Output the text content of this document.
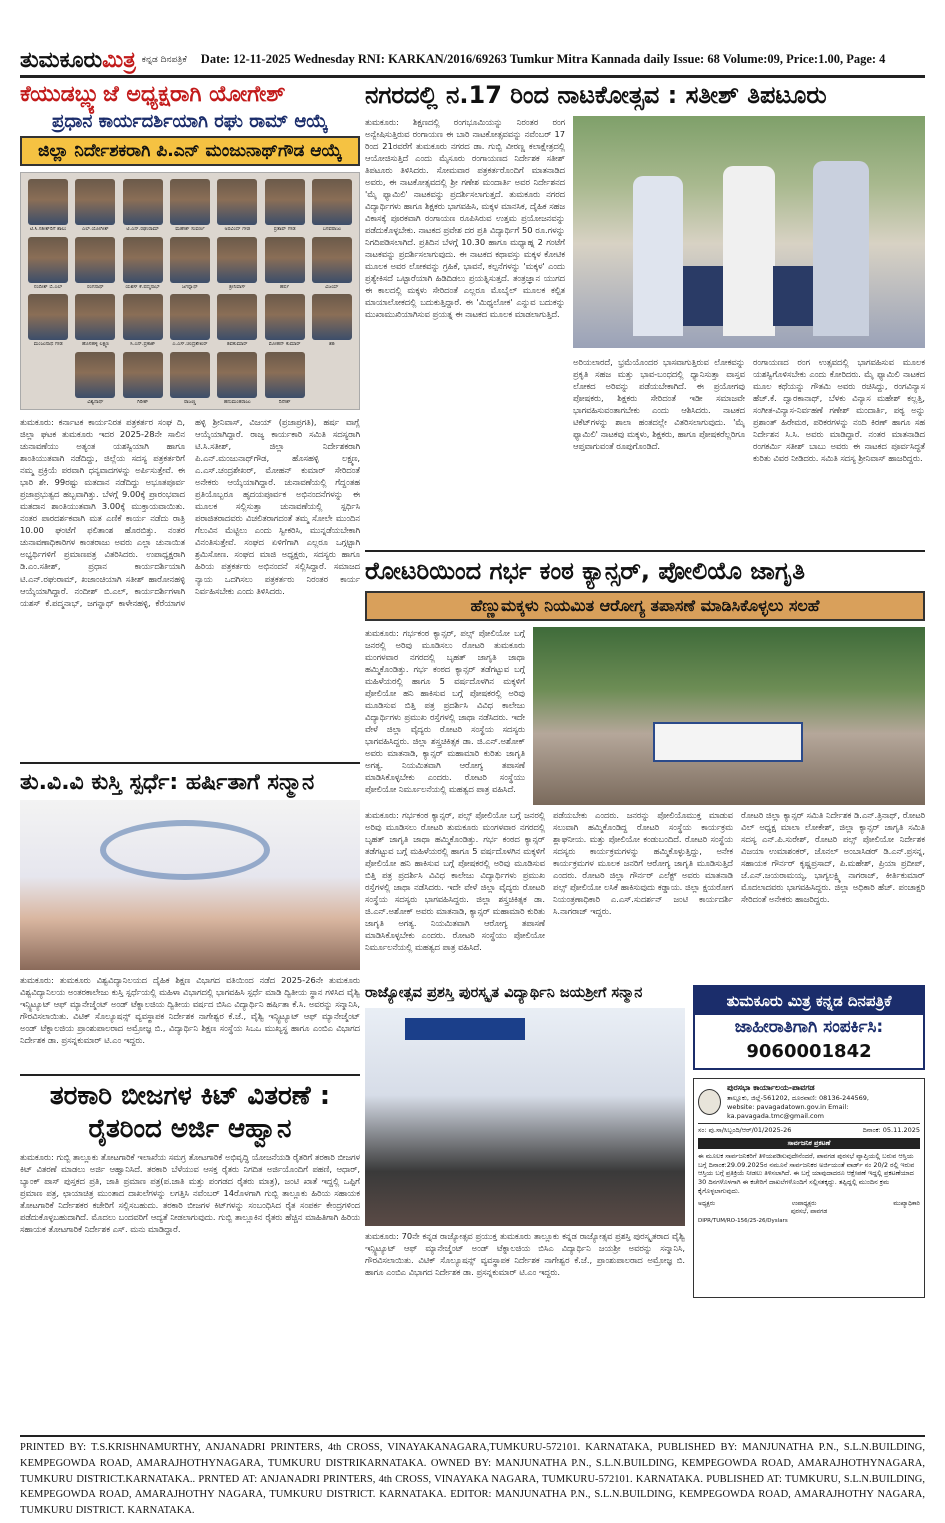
ತುಮಕೂರುಮಿತ್ರ ಕನ್ನಡ ದಿನಪತ್ರಿಕೆ Date: 12-11-2025 Wednesday RNI: KARKAN/2016/69263 Tumkur Mitra Kannada daily Issue: 68 Volume:09, Price:1.00, Page: 4
ಕೆಯುಡಬ್ಲ್ಯುಜೆ ಅಧ್ಯಕ್ಷರಾಗಿ ಯೋಗೇಶ್
ಪ್ರಧಾನ ಕಾರ್ಯದರ್ಶಿಯಾಗಿ ರಘು ರಾಮ್ ಆಯ್ಕೆ
ಜಿಲ್ಲಾ ನಿರ್ದೇಶಕರಾಗಿ ಪಿ.ಎನ್ ಮಂಜುನಾಥ್‌ಗೌಡ ಆಯ್ಕೆ
ಟಿ.ಸಿ.ಸತೀಶ್‌ರಿಗೆ ಶಾಲು	ಎಲ್.ಯೋಗೀಶ್	ಟಿ.ಎನ್.ರಘುರಾಮ್	ಮಹೇಶ್ ಸುವರ್ಣ	ಅರವಿಂದ್ ಗೌಡ	ಪ್ರತಾಪ್ ಗೌಡ	ಬಸವರಾಜು
ನಂದೀಶ್ ಬಿ.ಎಲ್	ರಂಗನಾಥ್	ಯಶಸ್ ಕೆ.ಪದ್ಮನಾಭ್	ಜಗನ್ನಾಥ್	ಶ್ರೀನಿವಾಸ್	ಹರ್ಷ	ವಿಜಯ್
ಮಂಜುನಾಥ ಗೌಡ	ಹೊಸಹಳ್ಳಿ ಲಕ್ಷ್ಮಣ	ಸಿ.ಎನ್.ಪ್ರಕಾಶ್	ಎ.ಎಸ್.ಚಂದ್ರಶೇಖರ್	ಶಿವಕುಮಾರ್	ಮೋಹನ್ ಕುಮಾರ್	ಶಶಿ
ವಿಶ್ವನಾಥ್	ಗಿರೀಶ್	ರಾಜಣ್ಣ	ಹನುಮಂತರಾಜು	ದಿನೇಶ್
ತುಮಕೂರು: ಕರ್ನಾಟಕ ಕಾರ್ಯನಿರತ ಪತ್ರಕರ್ತರ ಸಂಘ ದಿ, ಜಿಲ್ಲಾ ಘಟಕ ತುಮಕೂರು ಇದರ 2025-28ನೇ ಸಾಲಿನ ಚುನಾವಣೆಯು ಅತ್ಯಂತ ಯಶಸ್ವಿಯಾಗಿ ಹಾಗೂ ಶಾಂತಿಯುತವಾಗಿ ನಡೆದಿದ್ದು, ಜಿಲ್ಲೆಯ ಸದಸ್ಯ ಪತ್ರಕರ್ತರಿಗೆ ನಮ್ಮ ಪ್ರಕ್ರಿಯೆ ಪರವಾಗಿ ಧನ್ಯವಾದಗಳನ್ನು ಅರ್ಪಿಸುತ್ತೇವೆ. ಈ ಭಾರಿ ಶೇ. 99ರಷ್ಟು ಮತದಾನ ನಡೆದಿದ್ದು ಅಭೂತಪೂರ್ವ ಪ್ರಜಾಪ್ರಭುತ್ವದ ಹಬ್ಬವಾಗಿತ್ತು. ಬೆಳಗ್ಗೆ 9.00ಕ್ಕೆ ಪ್ರಾರಂಭವಾದ ಮತದಾನ ಶಾಂತಿಯುತವಾಗಿ 3.00ಕ್ಕೆ ಮುಕ್ತಾಯವಾಯಿತು. ನಂತರ ಪಾರದರ್ಶಕವಾಗಿ ಮತ ಎಣಿಕೆ ಕಾರ್ಯ ನಡೆದು ರಾತ್ರಿ 10.00 ಘಂಟೆಗೆ ಫಲಿತಾಂಶ ಹೊರಬಿತ್ತು. ನಂತರ ಚುನಾವಣಾಧಿಕಾರಿಗಳ ಕಾಂತರಾಜು ಅವರು ಎಲ್ಲಾ ಚುನಾಯಿತ ಅಭ್ಯರ್ಥಿಗಳಿಗೆ ಪ್ರಮಾಣಪತ್ರ ವಿತರಿಸಿದರು. ಉಪಾಧ್ಯಕ್ಷರಾಗಿ ಡಿ.ಎಂ.ಸತೀಶ್, ಪ್ರಧಾನ ಕಾರ್ಯದರ್ಶಿಯಾಗಿ ಟಿ.ಎನ್.ರಘುರಾಮ್, ಖಜಾಂಚಿಯಾಗಿ ಸತೀಶ್ ಹಾರೋನಹಳ್ಳಿ ಆಯ್ಕೆಯಾಗಿದ್ದಾರೆ. ನಂದೀಶ್ ಬಿ.ಎಲ್, ಕಾರ್ಯದರ್ಶಿಗಳಾಗಿ ಯಶಸ್ ಕೆ.ಪದ್ಮನಾಭ್, ಜಗನ್ನಾಥ್ ಕಾಳೇನಹಳ್ಳಿ, ಕೆರೆಯಾಗಳ ಹಳ್ಳಿ ಶ್ರೀನಿವಾಸ್, ವಿಜಯ್ (ಪ್ರಜಾಪ್ರಗತಿ), ಹರ್ಷ ವಾಗ್ಲೆ ಆಯ್ಕೆಯಾಗಿದ್ದಾರೆ. ರಾಜ್ಯ ಕಾರ್ಯಕಾರಿ ಸಮಿತಿ ಸದಸ್ಯರಾಗಿ ಟಿ.ಸಿ.ಸತೀಶ್, ಜಿಲ್ಲಾ ನಿರ್ದೇಶಕರಾಗಿ ಪಿ.ಎನ್.ಮಂಜುನಾಥ್‌ಗೌಡ, ಹೊಸಹಳ್ಳಿ ಲಕ್ಷ್ಮಣ, ಎ.ಎಸ್.ಚಂದ್ರಶೇಖರ್, ಮೋಹನ್ ಕುಮಾರ್ ಸೇರಿದಂತೆ ಅನೇಕರು ಆಯ್ಕೆಯಾಗಿದ್ದಾರೆ. ಚುನಾವಣೆಯಲ್ಲಿ ಗೆದ್ದಂತಹ ಪ್ರತಿಯೊಬ್ಬರೂ ಹೃದಯಪೂರ್ವಕ ಅಭಿನಂದನೆಗಳನ್ನು ಈ ಮೂಲಕ ಸಲ್ಲಿಸುತ್ತಾ ಚುನಾವಣೆಯಲ್ಲಿ ಸ್ಪರ್ಧಿಸಿ ಪರಾಜಿತರಾದವರು ವಿಚಲಿತರಾಗದಂತೆ ತಮ್ಮ ಸೋಲೇ ಮುಂದಿನ ಗೆಲುವಿನ ಮೆಟ್ಟಿಲು ಎಂದು ಸ್ವೀಕರಿಸಿ, ಮುನ್ನಡೆಯಬೇಕಾಗಿ ವಿನಂತಿಸುತ್ತೇವೆ. ಸಂಘದ ಏಳಿಗೆಗಾಗಿ ಎಲ್ಲರೂ ಒಗ್ಗಟ್ಟಾಗಿ ಶ್ರಮಿಸೋಣ. ಸಂಘದ ಮಾಜಿ ಅಧ್ಯಕ್ಷರು, ಸದಸ್ಯರು ಹಾಗೂ ಹಿರಿಯ ಪತ್ರಕರ್ತರು ಅಭಿನಂದನೆ ಸಲ್ಲಿಸಿದ್ದಾರೆ. ಸಮಾಜದ ನ್ಯಾಯ ಒದಗಿಸಲು ಪತ್ರಕರ್ತರು ನಿರಂತರ ಕಾರ್ಯ ನಿರ್ವಹಿಸಬೇಕು ಎಂದು ತಿಳಿಸಿದರು.
ತು.ವಿ.ವಿ ಕುಸ್ತಿ ಸ್ಪರ್ಧೆ: ಹರ್ಷಿತಾಗೆ ಸನ್ಮಾನ
ತುಮಕೂರು: ತುಮಕೂರು ವಿಶ್ವವಿದ್ಯಾನಿಲಯದ ದೈಹಿಕ ಶಿಕ್ಷಣ ವಿಭಾಗದ ವತಿಯಿಂದ ನಡೆದ 2025-26ನೇ ತುಮಕೂರು ವಿಶ್ವವಿದ್ಯಾನಿಲಯ ಅಂತರಕಾಲೇಜು ಕುಸ್ತಿ ಸ್ಪರ್ಧೆಯಲ್ಲಿ ಮಹಿಳಾ ವಿಭಾಗದಲ್ಲಿ ಭಾಗವಹಿಸಿ ಸ್ಪರ್ಧೆ ಮಾಡಿ ದ್ವಿತೀಯ ಸ್ಥಾನ ಗಳಿಸಿದ ವೈಶ್ವಿ ಇನ್ಸ್ಟಿಟ್ಯೂಟ್ ಆಫ್ ಮ್ಯಾನೇಜ್ಮೆಂಟ್ ಅಂಡ್ ಟೆಕ್ನಾಲಜಿಯ ದ್ವಿತೀಯ ವರ್ಷದ ಬಿಸಿಎ ವಿದ್ಯಾರ್ಥಿನಿ ಹರ್ಷಿತಾ ಕೆ.ಸಿ. ಅವರನ್ನು ಸನ್ಮಾನಿಸಿ, ಗೌರವಿಸಲಾಯಿತು. ವಿಟಿಕ್ ಸೊಲ್ಯೂಷನ್ಸ್ ವ್ಯವಸ್ಥಾಪಕ ನಿರ್ದೇಶಕ ನಾಗೇಶ್ವರ ಕೆ.ಜೆ., ವೈಶ್ವಿ ಇನ್ಸ್ಟಿಟ್ಯೂಟ್ ಆಫ್ ಮ್ಯಾನೇಜ್ಮೆಂಟ್ ಅಂಡ್ ಟೆಕ್ನಾಲಜಿಯ ಪ್ರಾಂಶುಪಾಲರಾದ ಅಮ್ರೋಜ್ಞ ಬಿ., ವಿದ್ಯಾರ್ಥಿನಿ ಶಿಕ್ಷಣ ಸಂಸ್ಥೆಯ ಸಿಒಒ ಮುಖ್ಯಸ್ಥ ಹಾಗೂ ಎಂಬಿಎ ವಿಭಾಗದ ನಿರ್ದೇಶಕ ಡಾ. ಪ್ರಸನ್ನಕುಮಾರ್ ಟಿ.ಎಂ ಇದ್ದರು.
ತರಕಾರಿ ಬೀಜಗಳ ಕಿಟ್ ವಿತರಣೆ :
ರೈತರಿಂದ ಅರ್ಜಿ ಆಹ್ವಾನ
ತುಮಕೂರು: ಗುಬ್ಬಿ ತಾಲ್ಲೂಕು ತೋಟಗಾರಿಕೆ ಇಲಾಖೆಯ ಸಮಗ್ರ ತೋಟಗಾರಿಕೆ ಅಭಿವೃದ್ಧಿ ಯೋಜನೆಯಡಿ ರೈತರಿಗೆ ತರಕಾರಿ ಬೀಜಗಳ ಕಿಟ್ ವಿತರಣೆ ಮಾಡಲು ಅರ್ಜಿ ಆಹ್ವಾನಿಸಿದೆ. ತರಕಾರಿ ಬೆಳೆಯುವ ಆಸಕ್ತ ರೈತರು ನಿಗದಿತ ಅರ್ಜಿಯೊಂದಿಗೆ ಪಹಣಿ, ಆಧಾರ್, ಬ್ಯಾಂಕ್ ಪಾಸ್ ಪುಸ್ತಕದ ಪ್ರತಿ, ಜಾತಿ ಪ್ರಮಾಣ ಪತ್ರ(ಪ.ಜಾತಿ ಮತ್ತು ಪಂಗಡದ ರೈತರು ಮಾತ್ರ), ಜಂಟಿ ಖಾತೆ ಇದ್ದಲ್ಲಿ ಒಪ್ಪಿಗೆ ಪ್ರಮಾಣ ಪತ್ರ, ಛಾಯಾಚಿತ್ರ ಮುಂತಾದ ದಾಖಲೆಗಳನ್ನು ಲಗತ್ತಿಸಿ ನವೆಂಬರ್ 14ರೊಳಗಾಗಿ ಗುಬ್ಬಿ ತಾಲ್ಲೂಕು ಹಿರಿಯ ಸಹಾಯಕ ತೋಟಗಾರಿಕೆ ನಿರ್ದೇಶಕರ ಕಚೇರಿಗೆ ಸಲ್ಲಿಸಬಹುದು. ತರಕಾರಿ ಬೀಜಗಳ ಕಿಟ್‌ಗಳನ್ನು ಸಂಬಂಧಿಸಿದ ರೈತ ಸಂಪರ್ಕ ಕೇಂದ್ರಗಳಿಂದ ಪಡೆದುಕೊಳ್ಳಬಹುದಾಗಿದೆ. ಮೊದಲು ಬಂದವರಿಗೆ ಆದ್ಯತೆ ನೀಡಲಾಗುವುದು. ಗುಬ್ಬಿ ತಾಲ್ಲೂಕಿನ ರೈತರು ಹೆಚ್ಚಿನ ಮಾಹಿತಿಗಾಗಿ ಹಿರಿಯ ಸಹಾಯಕ ತೋಟಗಾರಿಕೆ ನಿರ್ದೇಶಕ ಎಸ್. ಮನು ಮಾಡಿದ್ದಾರೆ.
ನಗರದಲ್ಲಿ ನ.17 ರಿಂದ ನಾಟಕೋತ್ಸವ : ಸತೀಶ್ ತಿಪಟೂರು
ತುಮಕೂರು: ಶಿಕ್ಷಣದಲ್ಲಿ ರಂಗಭೂಮಿಯನ್ನು ನಿರಂತರ ರಂಗ ಅನ್ವೇಷಿಸುತ್ತಿರುವ ರಂಗಾಯಣ ಈ ಬಾರಿ ನಾಟಕೋತ್ಸವವನ್ನು ನವೆಂಬರ್ 17 ರಿಂದ 21ರವರೆಗೆ ತುಮಕೂರು ನಗರದ ಡಾ. ಗುಬ್ಬಿ ವೀರಣ್ಣ ಕಲಾಕ್ಷೇತ್ರದಲ್ಲಿ ಆಯೋಜಿಸುತ್ತಿದೆ ಎಂದು ಮೈಸೂರು ರಂಗಾಯಣದ ನಿರ್ದೇಶಕ ಸತೀಶ್ ತಿಪಟೂರು ತಿಳಿಸಿದರು. ಸೋಮವಾರ ಪತ್ರಕರ್ತರೊಂದಿಗೆ ಮಾತನಾಡಿದ ಅವರು, ಈ ನಾಟಕೋತ್ಸವದಲ್ಲಿ ಶ್ರೀ ಗಣೇಶ ಮಂದಾರ್ತಿ ಅವರ ನಿರ್ದೇಶನದ 'ಮೈ ಫ್ಯಾಮಿಲಿ' ನಾಟಕವನ್ನು ಪ್ರದರ್ಶಿಸಲಾಗುತ್ತದೆ. ತುಮಕೂರು ನಗರದ ವಿದ್ಯಾರ್ಥಿಗಳು ಹಾಗೂ ಶಿಕ್ಷಕರು ಭಾಗವಹಿಸಿ, ಮಕ್ಕಳ ಮಾನಸಿಕ, ದೈಹಿಕ ಸಹಜ ವಿಕಾಸಕ್ಕೆ ಪೂರಕವಾಗಿ ರಂಗಾಯಣ ರೂಪಿಸಿರುವ ಉತ್ತಮ ಪ್ರಯೋಜನವನ್ನು ಪಡೆದುಕೊಳ್ಳಬೇಕು. ನಾಟಕದ ಪ್ರವೇಶ ದರ ಪ್ರತಿ ವಿದ್ಯಾರ್ಥಿಗೆ 50 ರೂ.ಗಳನ್ನು ನಿಗದಿಪಡಿಸಲಾಗಿದೆ. ಪ್ರತಿದಿನ ಬೆಳಗ್ಗೆ 10.30 ಹಾಗೂ ಮಧ್ಯಾಹ್ನ 2 ಗಂಟೆಗೆ ನಾಟಕವನ್ನು ಪ್ರದರ್ಶಿಸಲಾಗುವುದು. ಈ ನಾಟಕದ ಕಥಾವಸ್ತು ಮಕ್ಕಳ ಕೋಟಿಕ ಮೂಲಕ ಅವರ ಲೋಕವನ್ನು ಗ್ರಹಿಕೆ, ಭಾವನೆ, ಕಲ್ಪನೆಗಳನ್ನು 'ಮಕ್ಕಳ' ಎಂದು ಪ್ರತ್ಯೇಕಿಸದೆ ಒಟ್ಟಾರೆಯಾಗಿ ಹಿಡಿದಿಡಲು ಪ್ರಯತ್ನಿಸುತ್ತದೆ. ತಂತ್ರಜ್ಞಾನ ಯುಗದ ಈ ಕಾಲದಲ್ಲಿ ಮಕ್ಕಳು ಸೇರಿದಂತೆ ಎಲ್ಲರೂ ಮೊಬೈಲ್ ಮೂಲಕ ಕಲ್ಪಿತ ಮಾಯಾಲೋಕದಲ್ಲಿ ಬದುಕುತ್ತಿದ್ದಾರೆ. ಈ 'ಮಿಥ್ಯಲೋಕ' ಎನ್ನುವ ಬದುಕನ್ನು ಮುಖಾಮುಖಿಯಾಗಿಸುವ ಪ್ರಯತ್ನ ಈ ನಾಟಕದ ಮೂಲಕ ಮಾಡಲಾಗುತ್ತಿದೆ.
ಅರಿಯಲಾರದೆ, ಭ್ರಮೆಯೊಂದರ ಭಾಸವಾಗುತ್ತಿರುವ ಲೋಕವನ್ನು ಪ್ರಕೃತಿ ಸಹಜ ಮತ್ತು ಭಾವ-ಬಂಧದಲ್ಲಿ ಧ್ಯಾನಿಸುತ್ತಾ ವಾಸ್ತವ ಲೋಕದ ಅರಿವನ್ನು ಪಡೆಯಬೇಕಾಗಿದೆ. ಈ ಪ್ರಯೋಗವು ಪೋಷಕರು, ಶಿಕ್ಷಕರು ಸೇರಿದಂತೆ ಇಡೀ ಸಮಾಜವೇ ಭಾಗವಹಿಸುವಂತಾಗಬೇಕು ಎಂದು ಆಶಿಸಿದರು. ನಾಟಕದ ಟಿಕೆಟ್‌ಗಳನ್ನು ಶಾಲಾ ಹಂತದಲ್ಲೇ ವಿತರಿಸಲಾಗುವುದು. 'ಮೈ ಫ್ಯಾಮಿಲಿ' ನಾಟಕವು ಮಕ್ಕಳು, ಶಿಕ್ಷಕರು, ಹಾಗೂ ಪೋಷಕರೆಲ್ಲರಿಗೂ ಆಪ್ತವಾಗುವಂತೆ ರೂಪುಗೊಂಡಿದೆ.
ರಂಗಾಯಣದ ರಂಗ ಉತ್ಸವದಲ್ಲಿ ಭಾಗವಹಿಸುವ ಮೂಲಕ ಯಶಸ್ವಿಗೊಳಿಸಬೇಕು ಎಂದು ಕೋರಿದರು. ಮೈ ಫ್ಯಾಮಿಲಿ ನಾಟಕದ ಮೂಲ ಕಥೆಯನ್ನು ಗೌತಮಿ ಅವರು ರಚಿಸಿದ್ದು, ರಂಗವಿನ್ಯಾಸ ಹೆಚ್.ಕೆ. ದ್ವಾರಕಾನಾಥ್, ಬೆಳಕು ವಿನ್ಯಾಸ ಮಹೇಶ್ ಕಲ್ಲತ್ತಿ, ಸಂಗೀತ-ವಿನ್ಯಾಸ-ನಿರ್ವಹಣೆ ಗಣೇಶ್ ಮಂದಾರ್ತಿ, ಪಠ್ಯ ಅನ್ನು ಪ್ರಶಾಂತ್ ಹಿರೇಮಠ, ಪರಿಕರಗಳನ್ನು ನಂದಿ ಕಿರಣ್ ಹಾಗೂ ಸಹ ನಿರ್ದೇಶನ ಸಿ.ಸಿ. ಅವರು ಮಾಡಿದ್ದಾರೆ. ನಂತರ ಮಾತನಾಡಿದ ರಂಗಕರ್ಮಿ ಸತೀಶ್ ಬಾಬು ಅವರು ಈ ನಾಟಕದ ಪೂರ್ವಸಿದ್ಧತೆ ಕುರಿತು ವಿವರ ನೀಡಿದರು. ಸಮಿತಿ ಸದಸ್ಯ ಶ್ರೀನಿವಾಸ್ ಹಾಜರಿದ್ದರು.
ರೋಟರಿಯಿಂದ ಗರ್ಭ ಕಂಠ ಕ್ಯಾನ್ಸರ್, ಪೋಲಿಯೊ ಜಾಗೃತಿ
ಹೆಣ್ಣುಮಕ್ಕಳು ನಿಯಮಿತ ಆರೋಗ್ಯ ತಪಾಸಣೆ ಮಾಡಿಸಿಕೊಳ್ಳಲು ಸಲಹೆ
ತುಮಕೂರು: ಗರ್ಭಕಂಠ ಕ್ಯಾನ್ಸರ್, ಪಲ್ಸ್ ಪೋಲಿಯೋ ಬಗ್ಗೆ ಜನರಲ್ಲಿ ಅರಿವು ಮೂಡಿಸಲು ರೋಟರಿ ತುಮಕೂರು ಮಂಗಳವಾರ ನಗರದಲ್ಲಿ ಬೃಹತ್ ಜಾಗೃತಿ ಜಾಥಾ ಹಮ್ಮಿಕೊಂಡಿತ್ತು. ಗರ್ಭ ಕಂಠದ ಕ್ಯಾನ್ಸರ್ ತಡೆಗಟ್ಟುವ ಬಗ್ಗೆ ಮಹಿಳೆಯರಲ್ಲಿ ಹಾಗೂ 5 ವರ್ಷದೊಳಗಿನ ಮಕ್ಕಳಿಗೆ ಪೋಲಿಯೋ ಹನಿ ಹಾಕಿಸುವ ಬಗ್ಗೆ ಪೋಷಕರಲ್ಲಿ ಅರಿವು ಮೂಡಿಸುವ ಬಿತ್ತಿ ಪತ್ರ ಪ್ರದರ್ಶಿಸಿ ವಿವಿಧ ಕಾಲೇಜು ವಿದ್ಯಾರ್ಥಿಗಳು ಪ್ರಮುಖ ರಸ್ತೆಗಳಲ್ಲಿ ಜಾಥಾ ನಡೆಸಿದರು. ಇದೇ ವೇಳೆ ಜಿಲ್ಲಾ ವೈದ್ಯರು ರೋಟರಿ ಸಂಸ್ಥೆಯ ಸದಸ್ಯರು ಭಾಗವಹಿಸಿದ್ದರು. ಜಿಲ್ಲಾ ಶಸ್ತ್ರಚಿಕಿತ್ಸಕ ಡಾ. ಜಿ.ಎನ್.ಅಶೋಕ್ ಅವರು ಮಾತನಾಡಿ, ಕ್ಯಾನ್ಸರ್ ಮಹಾಮಾರಿ ಕುರಿತು ಜಾಗೃತಿ ಅಗತ್ಯ. ನಿಯಮಿತವಾಗಿ ಆರೋಗ್ಯ ತಪಾಸಣೆ ಮಾಡಿಸಿಕೊಳ್ಳಬೇಕು ಎಂದರು. ರೋಟರಿ ಸಂಸ್ಥೆಯು ಪೋಲಿಯೋ ನಿರ್ಮೂಲನೆಯಲ್ಲಿ ಮಹತ್ವದ ಪಾತ್ರ ವಹಿಸಿದೆ.
ತುಮಕೂರು: ಗರ್ಭಕಂಠ ಕ್ಯಾನ್ಸರ್, ಪಲ್ಸ್ ಪೋಲಿಯೋ ಬಗ್ಗೆ ಜನರಲ್ಲಿ ಅರಿವು ಮೂಡಿಸಲು ರೋಟರಿ ತುಮಕೂರು ಮಂಗಳವಾರ ನಗರದಲ್ಲಿ ಬೃಹತ್ ಜಾಗೃತಿ ಜಾಥಾ ಹಮ್ಮಿಕೊಂಡಿತ್ತು. ಗರ್ಭ ಕಂಠದ ಕ್ಯಾನ್ಸರ್ ತಡೆಗಟ್ಟುವ ಬಗ್ಗೆ ಮಹಿಳೆಯರಲ್ಲಿ ಹಾಗೂ 5 ವರ್ಷದೊಳಗಿನ ಮಕ್ಕಳಿಗೆ ಪೋಲಿಯೋ ಹನಿ ಹಾಕಿಸುವ ಬಗ್ಗೆ ಪೋಷಕರಲ್ಲಿ ಅರಿವು ಮೂಡಿಸುವ ಬಿತ್ತಿ ಪತ್ರ ಪ್ರದರ್ಶಿಸಿ ವಿವಿಧ ಕಾಲೇಜು ವಿದ್ಯಾರ್ಥಿಗಳು ಪ್ರಮುಖ ರಸ್ತೆಗಳಲ್ಲಿ ಜಾಥಾ ನಡೆಸಿದರು. ಇದೇ ವೇಳೆ ಜಿಲ್ಲಾ ವೈದ್ಯರು ರೋಟರಿ ಸಂಸ್ಥೆಯ ಸದಸ್ಯರು ಭಾಗವಹಿಸಿದ್ದರು. ಜಿಲ್ಲಾ ಶಸ್ತ್ರಚಿಕಿತ್ಸಕ ಡಾ. ಜಿ.ಎನ್.ಅಶೋಕ್ ಅವರು ಮಾತನಾಡಿ, ಕ್ಯಾನ್ಸರ್ ಮಹಾಮಾರಿ ಕುರಿತು ಜಾಗೃತಿ ಅಗತ್ಯ. ನಿಯಮಿತವಾಗಿ ಆರೋಗ್ಯ ತಪಾಸಣೆ ಮಾಡಿಸಿಕೊಳ್ಳಬೇಕು ಎಂದರು. ರೋಟರಿ ಸಂಸ್ಥೆಯು ಪೋಲಿಯೋ ನಿರ್ಮೂಲನೆಯಲ್ಲಿ ಮಹತ್ವದ ಪಾತ್ರ ವಹಿಸಿದೆ.
ಪಡೆಯಬೇಕು ಎಂದರು. ಜನರನ್ನು ಪೋಲಿಯೊಮುಕ್ತ ಮಾಡುವ ಸಲುವಾಗಿ ಹಮ್ಮಿಕೊಂಡಿದ್ದ ರೋಟರಿ ಸಂಸ್ಥೆಯ ಕಾರ್ಯಕ್ರಮ ಶ್ಲಾಘನೀಯ. ಮತ್ತು ಪೋಲಿಯೋ ಕಂಡುಬಂದಿದೆ. ರೋಟರಿ ಸಂಸ್ಥೆಯ ಸದಸ್ಯರು ಕಾರ್ಯಕ್ರಮಗಳನ್ನು ಹಮ್ಮಿಕೊಳ್ಳುತ್ತಿದ್ದು, ಅನೇಕ ಕಾರ್ಯಕ್ರಮಗಳ ಮೂಲಕ ಜನರಿಗೆ ಆರೋಗ್ಯ ಜಾಗೃತಿ ಮೂಡಿಸುತ್ತಿದೆ ಎಂದರು. ರೋಟರಿ ಜಿಲ್ಲಾ ಗೌರ್ನರ್ ಎಲೆಕ್ಟ್ ಅವರು ಮಾತನಾಡಿ ಪಲ್ಸ್ ಪೋಲಿಯೋ ಲಸಿಕೆ ಹಾಕಿಸುವುದು ಕಡ್ಡಾಯ. ಜಿಲ್ಲಾ ಕ್ಷಯರೋಗ ನಿಯಂತ್ರಣಾಧಿಕಾರಿ ಎ.ಎಸ್.ಸುದರ್ಶನ್ ಜಂಟಿ ಕಾರ್ಯದರ್ಶಿ ಸಿ.ನಾಗರಾಜ್ ಇದ್ದರು.
ರೋಟರಿ ಜಿಲ್ಲಾ ಕ್ಯಾನ್ಸರ್ ಸಮಿತಿ ನಿರ್ದೇಶಕ ಡಿ.ಎನ್.ತ್ರಿನಾಥ್, ರೋಟರಿ ವಿಲ್ ಅಧ್ಯಕ್ಷ ಮಾಲಾ ಲೋಕೇಶ್, ಜಿಲ್ಲಾ ಕ್ಯಾನ್ಸರ್ ಜಾಗೃತಿ ಸಮಿತಿ ಸದಸ್ಯ ಎನ್.ಪಿ.ಸುರೇಶ್, ರೋಟರಿ ಪಲ್ಸ್ ಪೋಲಿಯೋ ನಿರ್ದೇಶಕ ವಿಜಯಾ ಉಮಾಶಂಕರ್, ಜೊನಲ್ ಅಂಬಾಸಿಡರ್ ಡಿ.ಎನ್.ಪ್ರಸನ್ನ, ಸಹಾಯಕ ಗೌರ್ನರ್ ಕೃಷ್ಣಪ್ರಸಾದ್, ಪಿ.ಮಹೇಶ್, ಪ್ರಿಯಾ ಪ್ರದೀಪ್, ಜೆ.ಎನ್.ಜಯರಾಮಯ್ಯ, ಭಾಗ್ಯಲಕ್ಷ್ಮಿ ನಾಗರಾಜ್, ಕೀರ್ತಿಕುಮಾರ್ ಮೊದಲಾದವರು ಭಾಗವಹಿಸಿದ್ದರು. ಜಿಲ್ಲಾ ಅಧಿಕಾರಿ ಹೆಚ್. ಪಂಚಾಕ್ಷರಿ ಸೇರಿದಂತೆ ಅನೇಕರು ಹಾಜರಿದ್ದರು.
ರಾಜ್ಯೋತ್ಸವ ಪ್ರಶಸ್ತಿ ಪುರಸ್ಕೃತ ವಿದ್ಯಾರ್ಥಿನಿ ಜಯಶ್ರೀಗೆ ಸನ್ಮಾನ
ತುಮಕೂರು: 70ನೇ ಕನ್ನಡ ರಾಜ್ಯೋತ್ಸವ ಪ್ರಯುಕ್ತ ತುಮಕೂರು ತಾಲ್ಲೂಕು ಕನ್ನಡ ರಾಜ್ಯೋತ್ಸವ ಪ್ರಶಸ್ತಿ ಪುರಸ್ಕೃತರಾದ ವೈಶ್ವಿ ಇನ್ಸ್ಟಿಟ್ಯೂಟ್ ಆಫ್ ಮ್ಯಾನೇಜ್ಮೆಂಟ್ ಅಂಡ್ ಟೆಕ್ನಾಲಜಿಯ ಬಿಸಿಎ ವಿದ್ಯಾರ್ಥಿನಿ ಜಯಶ್ರೀ ಅವರನ್ನು ಸನ್ಮಾನಿಸಿ, ಗೌರವಿಸಲಾಯಿತು. ವಿಟಿಕ್ ಸೊಲ್ಯೂಷನ್ಸ್ ವ್ಯವಸ್ಥಾಪಕ ನಿರ್ದೇಶಕ ನಾಗೇಶ್ವರ ಕೆ.ಜೆ., ಪ್ರಾಂಶುಪಾಲರಾದ ಅಮ್ರೋಜ್ಞ ಬಿ. ಹಾಗೂ ಎಂಬಿಎ ವಿಭಾಗದ ನಿರ್ದೇಶಕ ಡಾ. ಪ್ರಸನ್ನಕುಮಾರ್ ಟಿ.ಎಂ ಇದ್ದರು.
ತುಮಕೂರು ಮಿತ್ರ ಕನ್ನಡ ದಿನಪತ್ರಿಕೆ
ಜಾಹೀರಾತಿಗಾಗಿ ಸಂಪರ್ಕಿಸಿ:
9060001842
ಪುರಸಭಾ ಕಾರ್ಯಾಲಯ-ಪಾವಗಡ
ತಾಲ್ಲೂಕು, ಜಿಲ್ಲೆ-561202, ದೂರವಾಣಿ: 08136-244569,
website: pavagadatown.gov.in Email: ka.pavagada.tmc@gmail.com
ಸಂ: ಪು.ಸಾ/ಸಿಬ್ಬಂದಿ/ಆರ್/01/2025-26	ದಿನಾಂಕ: 05.11.2025
ಸಾರ್ವಜನಿಕ ಪ್ರಕಟಣೆ
ಈ ಮೂಲಕ ಸಾರ್ವಜನಿಕರಿಗೆ ತಿಳಿಯಪಡಿಸುವುದೇನೆಂದರೆ, ಪಾವಗಡ ಪುರಸಭೆ ವ್ಯಾಪ್ತಿಯಲ್ಲಿ ಬರುವ ಆಸ್ತಿಯ ಬಗ್ಗೆ ದಿನಾಂಕ:29.09.2025ರ ನಮೂನೆ ಸಾರ್ವಜನಿಕರ ಅರ್ಜಿಯಂತೆ ವಾರ್ಡ್ ನಂ 20/2 ರಲ್ಲಿ ಇರುವ ಆಸ್ತಿಯ ಬಗ್ಗೆ ಪ್ರತಿಕ್ರಿಯೆ ನೀಡಲು ತಿಳಿಸಲಾಗಿದೆ. ಈ ಬಗ್ಗೆ ಯಾವುದಾದರೂ ಆಕ್ಷೇಪಣೆ ಇದ್ದಲ್ಲಿ ಪ್ರಕಟಣೆಯಾದ 30 ದಿನಗಳೊಳಗಾಗಿ ಈ ಕಚೇರಿಗೆ ದಾಖಲೆಗಳೊಂದಿಗೆ ಸಲ್ಲಿಸತಕ್ಕದ್ದು. ತಪ್ಪಿದ್ದಲ್ಲಿ ಮುಂದಿನ ಕ್ರಮ ಕೈಗೊಳ್ಳಲಾಗುವುದು.
ಅಧ್ಯಕ್ಷರು	ಉಪಾಧ್ಯಕ್ಷರು	ಮುಖ್ಯಾಧಿಕಾರಿ
ಪುರಸಭೆ, ಪಾವಗಡ
DIPR/TUM/RO-156/25-26/Dyslars
PRINTED BY: T.S.KRISHNAMURTHY, ANJANADRI PRINTERS, 4th CROSS, VINAYAKANAGARA,TUMKURU-572101. KARNATAKA, PUBLISHED BY: MANJUNATHA P.N., S.L.N.BUILDING, KEMPEGOWDA ROAD, AMARAJHOTHYNAGARA, TUMKURU DISTRIKARNATAKA. OWNED BY: MANJUNATHA P.N., S.L.N.BUILDING, KEMPEGOWDA ROAD, AMARAJHOTHYNAGARA, TUMKURU DISTRICT.KARNATAKA.. PRNTED AT: ANJANADRI PRINTERS, 4th CROSS, VINAYAKA NAGARA, TUMKURU-572101. KARNATAKA. PUBLISHED AT: TUMKURU, S.L.N.BUILDING, KEMPEGOWDA ROAD, AMARAJHOTHY NAGARA, TUMKURU DISTRICT. KARNATAKA. EDITOR: MANJUNATHA P.N., S.L.N.BUILDING, KEMPEGOWDA ROAD, AMARAJHOTHY NAGARA, TUMKURU DISTRICT. KARNATAKA.
